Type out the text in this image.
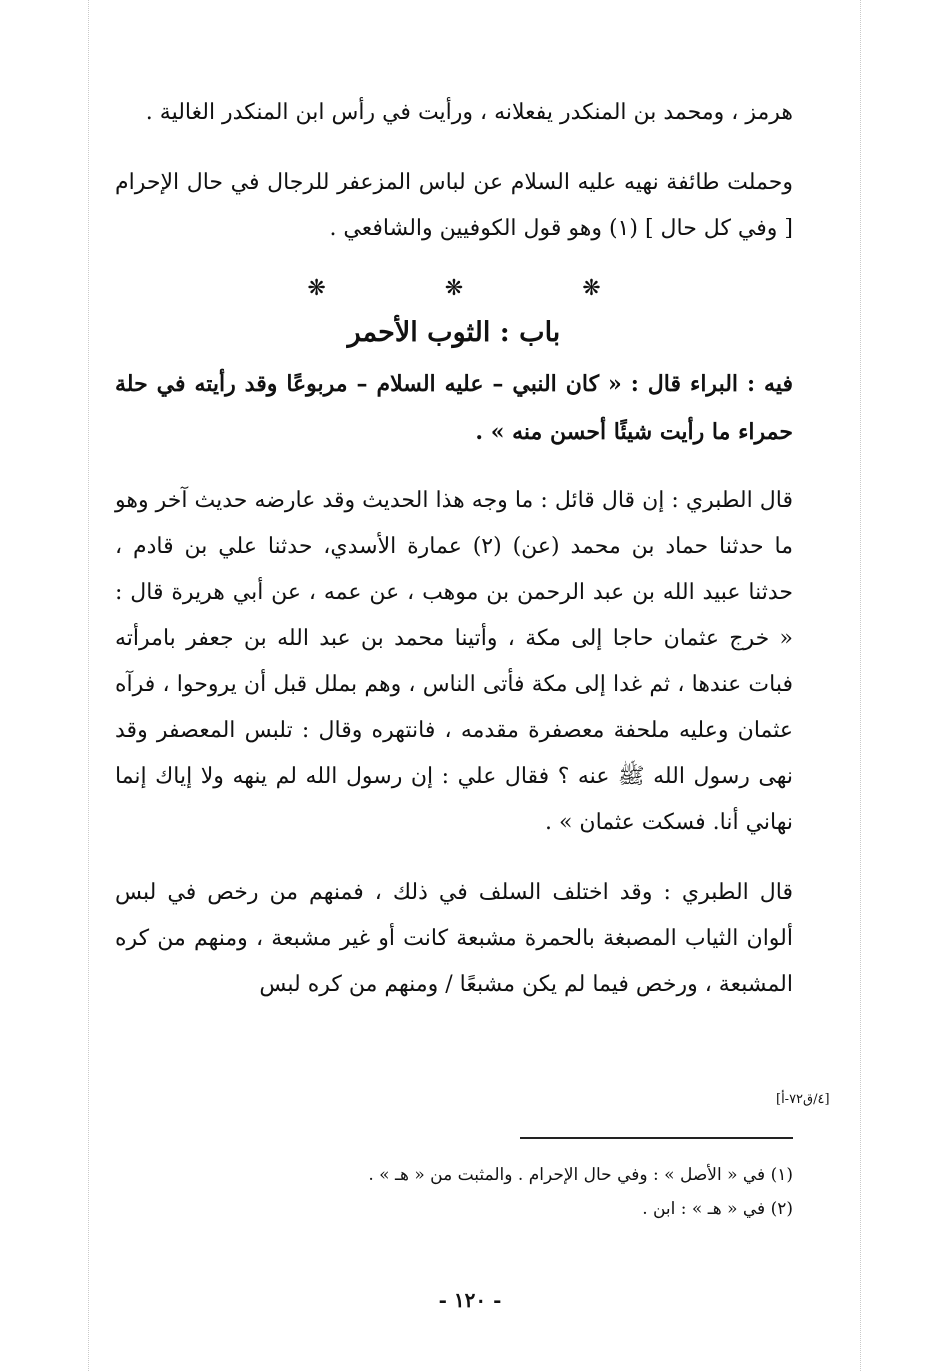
هرمز ، ومحمد بن المنكدر يفعلانه ، ورأيت في رأس ابن المنكدر الغالية .

وحملت طائفة نهيه عليه السلام عن لباس المزعفر للرجال في حال الإحرام [ وفي كل حال ] (١) وهو قول الكوفيين والشافعي .

❋ ❋ ❋
باب : الثوب الأحمر

فيه : البراء قال : « كان النبي – عليه السلام – مربوعًا وقد رأيته في حلة حمراء ما رأيت شيئًا أحسن منه » .

قال الطبري : إن قال قائل : ما وجه هذا الحديث وقد عارضه حديث آخر وهو ما حدثنا حماد بن محمد (عن) (٢) عمارة الأسدي، حدثنا علي بن قادم ، حدثنا عبيد الله بن عبد الرحمن بن موهب ، عن عمه ، عن أبي هريرة قال : « خرج عثمان حاجا إلى مكة ، وأتينا محمد بن عبد الله بن جعفر بامرأته فبات عندها ، ثم غدا إلى مكة فأتى الناس ، وهم بملل قبل أن يروحوا ، فرآه عثمان وعليه ملحفة معصفرة مقدمه ، فانتهره وقال : تلبس المعصفر وقد نهى رسول الله ﷺ عنه ؟ فقال علي : إن رسول الله لم ينهه ولا إياك إنما نهاني أنا. فسكت عثمان » .

قال الطبري : وقد اختلف السلف في ذلك ، فمنهم من رخص في لبس ألوان الثياب المصبغة بالحمرة مشبعة كانت أو غير مشبعة ، ومنهم من كره المشبعة ، ورخص فيما لم يكن مشبعًا / ومنهم من كره لبس

[٤/ق٧٢-أ]

(١) في « الأصل » : وفي حال الإحرام . والمثبت من « هـ » .

(٢) في « هـ » : ابن .

- ١٢٠ -
